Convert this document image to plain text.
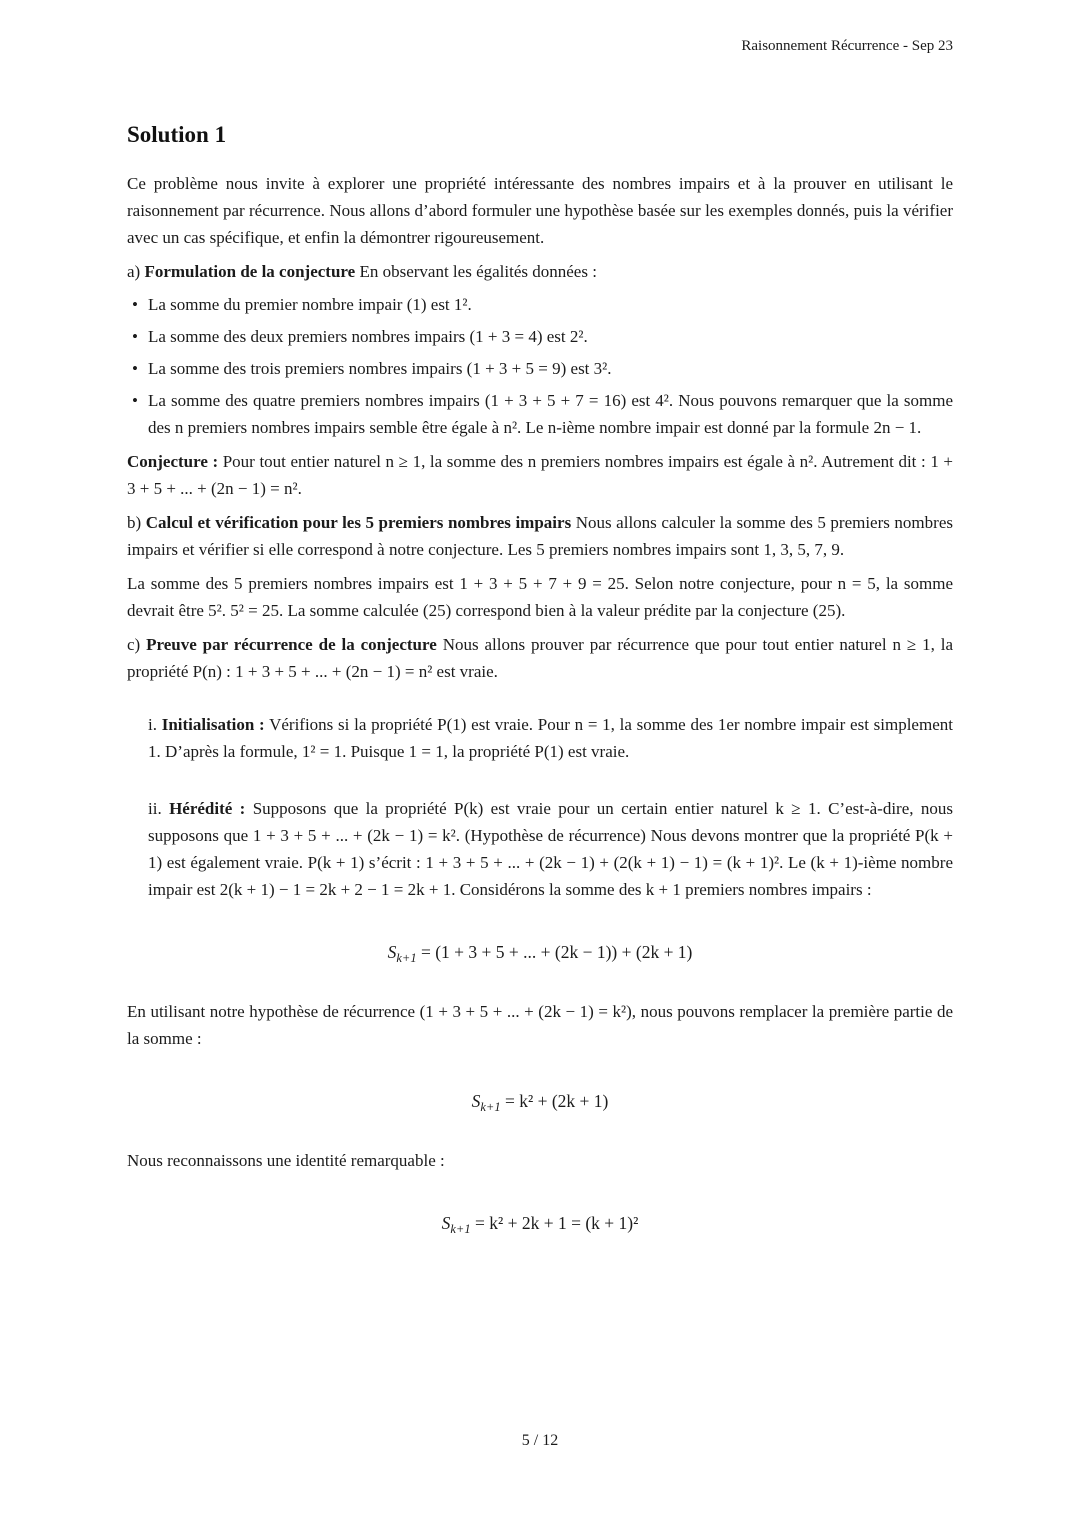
Raisonnement Récurrence - Sep 23
Solution 1

Ce problème nous invite à explorer une propriété intéressante des nombres impairs et à la prouver en utilisant le raisonnement par récurrence. Nous allons d’abord formuler une hypothèse basée sur les exemples donnés, puis la vérifier avec un cas spécifique, et enfin la démontrer rigoureusement.

a) Formulation de la conjecture En observant les égalités données :

• La somme du premier nombre impair (1) est 1².
• La somme des deux premiers nombres impairs (1 + 3 = 4) est 2².
• La somme des trois premiers nombres impairs (1 + 3 + 5 = 9) est 3².
• La somme des quatre premiers nombres impairs (1 + 3 + 5 + 7 = 16) est 4². Nous pouvons remarquer que la somme des n premiers nombres impairs semble être égale à n². Le n-ième nombre impair est donné par la formule 2n − 1.

Conjecture : Pour tout entier naturel n ≥ 1, la somme des n premiers nombres impairs est égale à n². Autrement dit : 1 + 3 + 5 + ... + (2n − 1) = n².

b) Calcul et vérification pour les 5 premiers nombres impairs Nous allons calculer la somme des 5 premiers nombres impairs et vérifier si elle correspond à notre conjecture. Les 5 premiers nombres impairs sont 1, 3, 5, 7, 9.

La somme des 5 premiers nombres impairs est 1 + 3 + 5 + 7 + 9 = 25. Selon notre conjecture, pour n = 5, la somme devrait être 5². 5² = 25. La somme calculée (25) correspond bien à la valeur prédite par la conjecture (25).

c) Preuve par récurrence de la conjecture Nous allons prouver par récurrence que pour tout entier naturel n ≥ 1, la propriété P(n) : 1 + 3 + 5 + ... + (2n − 1) = n² est vraie.

i. Initialisation : Vérifions si la propriété P(1) est vraie. Pour n = 1, la somme des 1er nombre impair est simplement 1. D’après la formule, 1² = 1. Puisque 1 = 1, la propriété P(1) est vraie.

ii. Hérédité : Supposons que la propriété P(k) est vraie pour un certain entier naturel k ≥ 1. C’est-à-dire, nous supposons que 1 + 3 + 5 + ... + (2k − 1) = k². (Hypothèse de récurrence) Nous devons montrer que la propriété P(k + 1) est également vraie. P(k + 1) s’écrit : 1 + 3 + 5 + ... + (2k − 1) + (2(k + 1) − 1) = (k + 1)². Le (k + 1)-ième nombre impair est 2(k + 1) − 1 = 2k + 2 − 1 = 2k + 1. Considérons la somme des k + 1 premiers nombres impairs :

$S_{k+1} = (1 + 3 + 5$ + ... + (2k − 1)) + (2k + 1)

En utilisant notre hypothèse de récurrence (1 + 3 + 5 + ... + (2k − 1) = k²), nous pouvons remplacer la première partie de la somme :

$S_{k+1} = k^2 + (2k + 1)$

Nous reconnaissons une identité remarquable :

$S_{k+1} = k^2 + 2k + 1 = (k + 1)^2$
5 / 12
